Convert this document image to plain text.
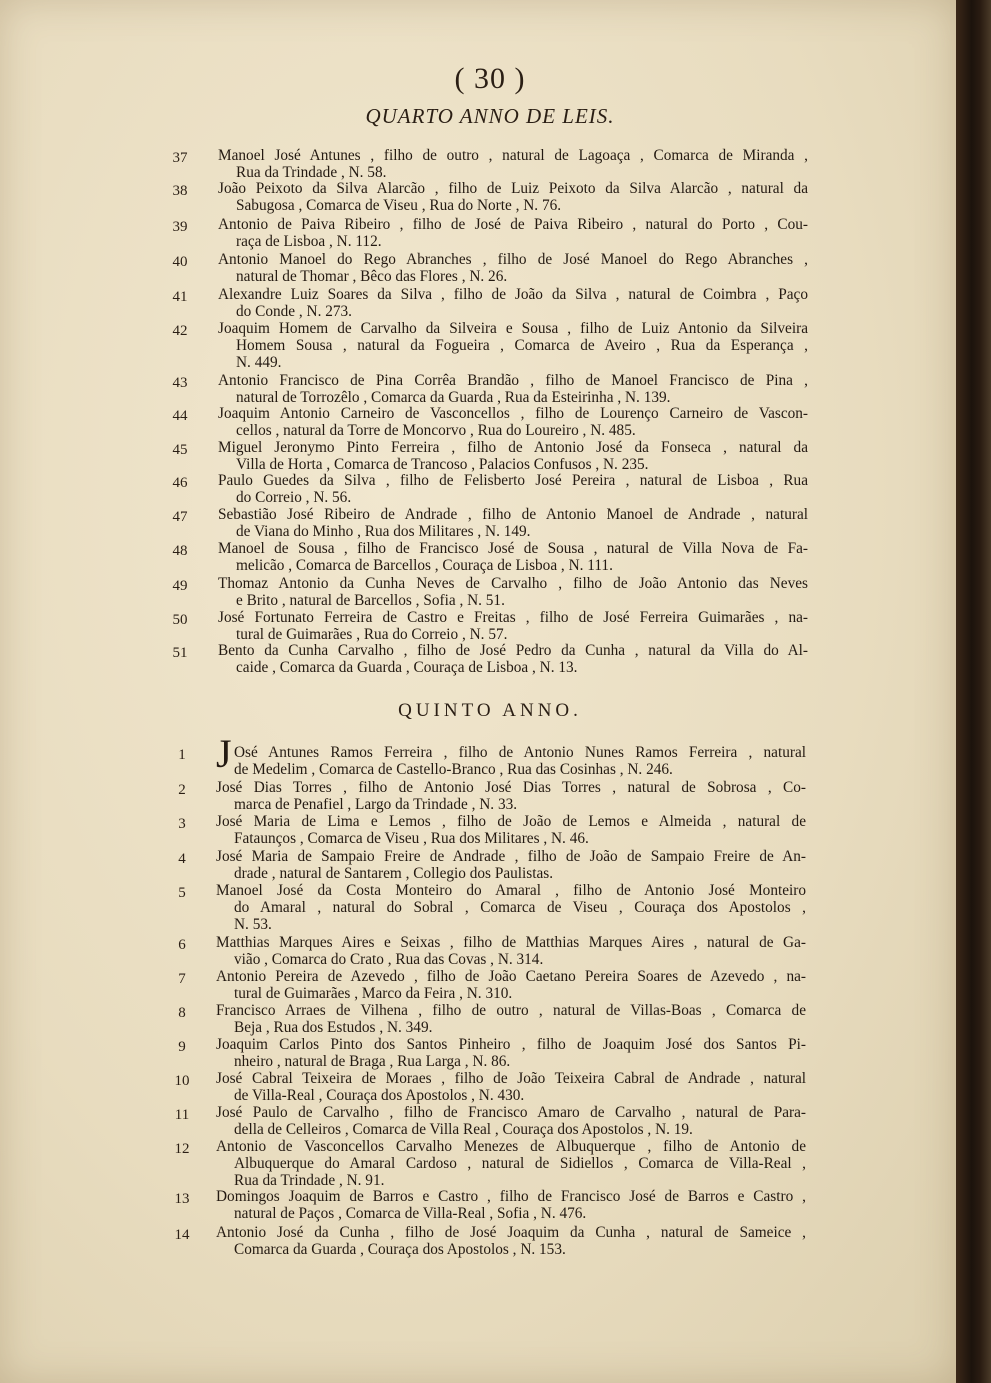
( 30 )
QUARTO ANNO DE LEIS.
QUINTO ANNO.
37	Manoel José Antunes , filho de outro , natural de Lagoaça , Comarca de Miranda ,
Rua da Trindade , N. 58.
38	João Peixoto da Silva Alarcão , filho de Luiz Peixoto da Silva Alarcão , natural da
Sabugosa , Comarca de Viseu , Rua do Norte , N. 76.
39	Antonio de Paiva Ribeiro , filho de José de Paiva Ribeiro , natural do Porto , Cou-
raça de Lisboa , N. 112.
40	Antonio Manoel do Rego Abranches , filho de José Manoel do Rego Abranches ,
natural de Thomar , Bêco das Flores , N. 26.
41	Alexandre Luiz Soares da Silva , filho de João da Silva , natural de Coimbra , Paço
do Conde , N. 273.
42	Joaquim Homem de Carvalho da Silveira e Sousa , filho de Luiz Antonio da Silveira
Homem Sousa , natural da Fogueira , Comarca de Aveiro , Rua da Esperança ,
N. 449.
43	Antonio Francisco de Pina Corrêa Brandão , filho de Manoel Francisco de Pina ,
natural de Torrozêlo , Comarca da Guarda , Rua da Esteirinha , N. 139.
44	Joaquim Antonio Carneiro de Vasconcellos , filho de Lourenço Carneiro de Vascon-
cellos , natural da Torre de Moncorvo , Rua do Loureiro , N. 485.
45	Miguel Jeronymo Pinto Ferreira , filho de Antonio José da Fonseca , natural da
Villa de Horta , Comarca de Trancoso , Palacios Confusos , N. 235.
46	Paulo Guedes da Silva , filho de Felisberto José Pereira , natural de Lisboa , Rua
do Correio , N. 56.
47	Sebastião José Ribeiro de Andrade , filho de Antonio Manoel de Andrade , natural
de Viana do Minho , Rua dos Militares , N. 149.
48	Manoel de Sousa , filho de Francisco José de Sousa , natural de Villa Nova de Fa-
melicão , Comarca de Barcellos , Couraça de Lisboa , N. 111.
49	Thomaz Antonio da Cunha Neves de Carvalho , filho de João Antonio das Neves
e Brito , natural de Barcellos , Sofia , N. 51.
50	José Fortunato Ferreira de Castro e Freitas , filho de José Ferreira Guimarães , na-
tural de Guimarães , Rua do Correio , N. 57.
51	Bento da Cunha Carvalho , filho de José Pedro da Cunha , natural da Villa do Al-
caide , Comarca da Guarda , Couraça de Lisboa , N. 13.
1 J Osé Antunes Ramos Ferreira , filho de Antonio Nunes Ramos Ferreira , natural
de Medelim , Comarca de Castello-Branco , Rua das Cosinhas , N. 246.
2	José Dias Torres , filho de Antonio José Dias Torres , natural de Sobrosa , Co-
marca de Penafiel , Largo da Trindade , N. 33.
3	José Maria de Lima e Lemos , filho de João de Lemos e Almeida , natural de
Fataunços , Comarca de Viseu , Rua dos Militares , N. 46.
4	José Maria de Sampaio Freire de Andrade , filho de João de Sampaio Freire de An-
drade , natural de Santarem , Collegio dos Paulistas.
5	Manoel José da Costa Monteiro do Amaral , filho de Antonio José Monteiro
do Amaral , natural do Sobral , Comarca de Viseu , Couraça dos Apostolos ,
N. 53.
6	Matthias Marques Aires e Seixas , filho de Matthias Marques Aires , natural de Ga-
vião , Comarca do Crato , Rua das Covas , N. 314.
7	Antonio Pereira de Azevedo , filho de João Caetano Pereira Soares de Azevedo , na-
tural de Guimarães , Marco da Feira , N. 310.
8	Francisco Arraes de Vilhena , filho de outro , natural de Villas-Boas , Comarca de
Beja , Rua dos Estudos , N. 349.
9	Joaquim Carlos Pinto dos Santos Pinheiro , filho de Joaquim José dos Santos Pi-
nheiro , natural de Braga , Rua Larga , N. 86.
10	José Cabral Teixeira de Moraes , filho de João Teixeira Cabral de Andrade , natural
de Villa-Real , Couraça dos Apostolos , N. 430.
11	José Paulo de Carvalho , filho de Francisco Amaro de Carvalho , natural de Para-
della de Celleiros , Comarca de Villa Real , Couraça dos Apostolos , N. 19.
12	Antonio de Vasconcellos Carvalho Menezes de Albuquerque , filho de Antonio de
Albuquerque do Amaral Cardoso , natural de Sidiellos , Comarca de Villa-Real ,
Rua da Trindade , N. 91.
13	Domingos Joaquim de Barros e Castro , filho de Francisco José de Barros e Castro ,
natural de Paços , Comarca de Villa-Real , Sofia , N. 476.
14	Antonio José da Cunha , filho de José Joaquim da Cunha , natural de Sameice ,
Comarca da Guarda , Couraça dos Apostolos , N. 153.
